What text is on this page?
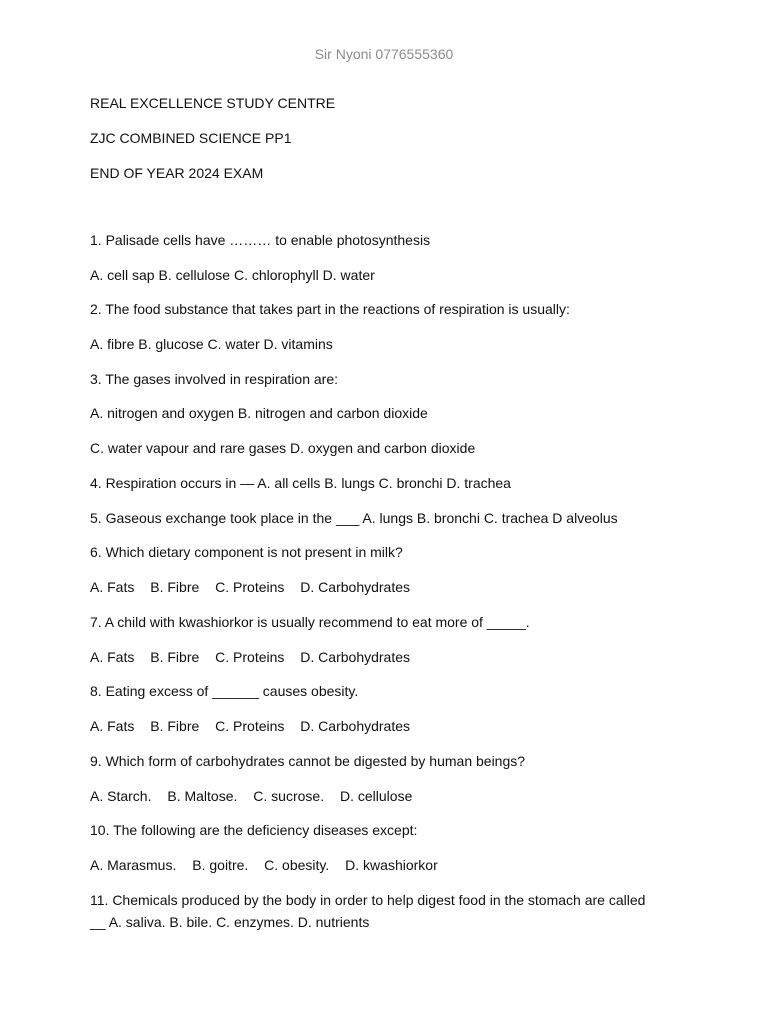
Sir Nyoni 0776555360
REAL EXCELLENCE STUDY CENTRE
ZJC COMBINED SCIENCE PP1
END OF YEAR 2024 EXAM
1. Palisade cells have ……… to enable photosynthesis
A. cell sap B. cellulose C. chlorophyll D. water
2. The food substance that takes part in the reactions of respiration is usually:
A. fibre B. glucose C. water D. vitamins
3. The gases involved in respiration are:
A. nitrogen and oxygen B. nitrogen and carbon dioxide
C. water vapour and rare gases D. oxygen and carbon dioxide
4. Respiration occurs in — A. all cells B. lungs C. bronchi D. trachea
5. Gaseous exchange took place in the ___ A. lungs B. bronchi C. trachea D alveolus
6. Which dietary component is not present in milk?
A. Fats B. Fibre C. Proteins D. Carbohydrates
7. A child with kwashiorkor is usually recommend to eat more of _____.
A. Fats B. Fibre C. Proteins D. Carbohydrates
8. Eating excess of ______ causes obesity.
A. Fats B. Fibre C. Proteins D. Carbohydrates
9. Which form of carbohydrates cannot be digested by human beings?
A. Starch. B. Maltose. C. sucrose. D. cellulose
10. The following are the deficiency diseases except:
A. Marasmus. B. goitre. C. obesity. D. kwashiorkor
11. Chemicals produced by the body in order to help digest food in the stomach are called __ A. saliva. B. bile. C. enzymes. D. nutrients
